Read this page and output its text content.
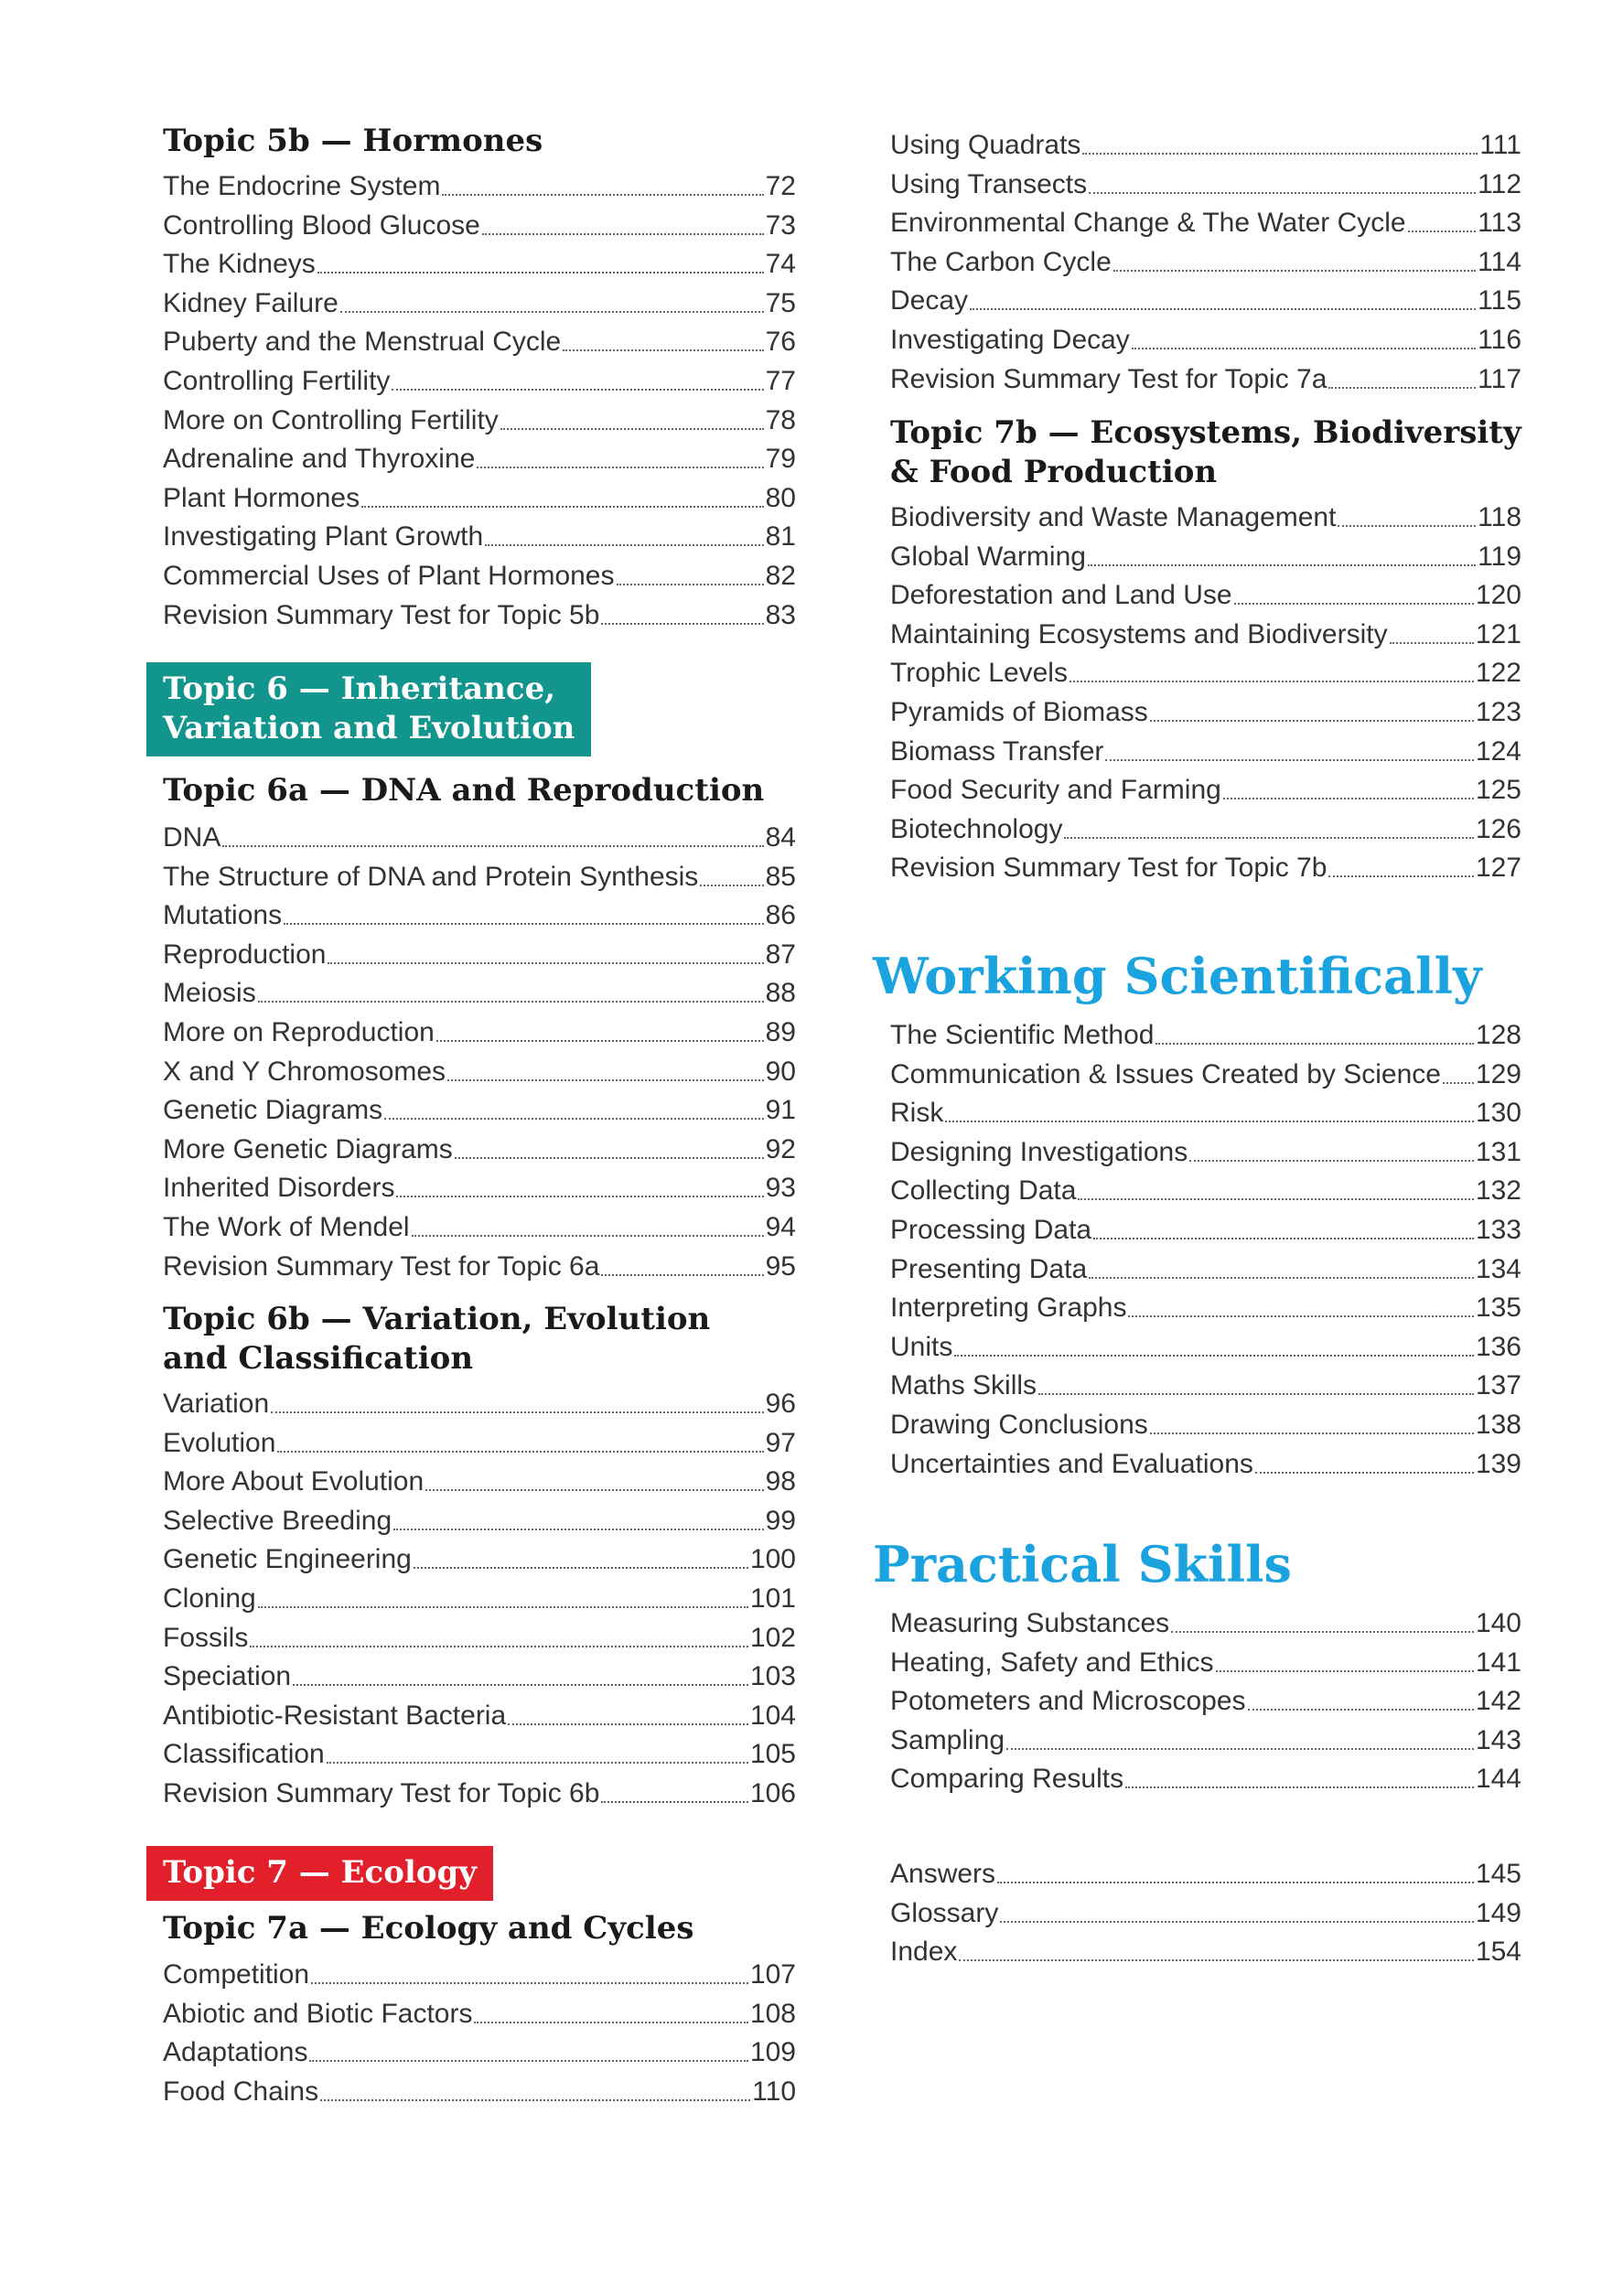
Topic 5b — Hormones
The Endocrine System	72
Controlling Blood Glucose	73
The Kidneys	74
Kidney Failure	75
Puberty and the Menstrual Cycle	76
Controlling Fertility	77
More on Controlling Fertility	78
Adrenaline and Thyroxine	79
Plant Hormones	80
Investigating Plant Growth	81
Commercial Uses of Plant Hormones	82
Revision Summary Test for Topic 5b	83
Topic 6 — Inheritance,
Variation and Evolution
Topic 6a — DNA and Reproduction
DNA	84
The Structure of DNA and Protein Synthesis 85
Mutations	86
Reproduction	87
Meiosis	88
More on Reproduction	89
X and Y Chromosomes	90
Genetic Diagrams	91
More Genetic Diagrams	92
Inherited Disorders	93
The Work of Mendel	94
Revision Summary Test for Topic 6a	95
Topic 6b — Variation, Evolution
and Classification
Variation	96
Evolution	97
More About Evolution	98
Selective Breeding	99
Genetic Engineering	100
Cloning	101
Fossils	102
Speciation	103
Antibiotic-Resistant Bacteria	104
Classification	105
Revision Summary Test for Topic 6b	106
Topic 7 — Ecology
Topic 7a — Ecology and Cycles
Competition	107
Abiotic and Biotic Factors	108
Adaptations	109
Food Chains	110
Using Quadrats	111
Using Transects	112
Environmental Change & The Water Cycle	113
The Carbon Cycle	114
Decay	115
Investigating Decay	116
Revision Summary Test for Topic 7a	117
Topic 7b — Ecosystems, Biodiversity
& Food Production
Biodiversity and Waste Management	118
Global Warming	119
Deforestation and Land Use	120
Maintaining Ecosystems and Biodiversity	121
Trophic Levels	122
Pyramids of Biomass	123
Biomass Transfer	124
Food Security and Farming	125
Biotechnology	126
Revision Summary Test for Topic 7b	127
Working Scientifically
The Scientific Method	128
Communication & Issues Created by Science 129
Risk	130
Designing Investigations	131
Collecting Data	132
Processing Data	133
Presenting Data	134
Interpreting Graphs	135
Units	136
Maths Skills	137
Drawing Conclusions	138
Uncertainties and Evaluations	139
Practical Skills
Measuring Substances	140
Heating, Safety and Ethics	141
Potometers and Microscopes	142
Sampling	143
Comparing Results	144
Answers	145
Glossary	149
Index	154
